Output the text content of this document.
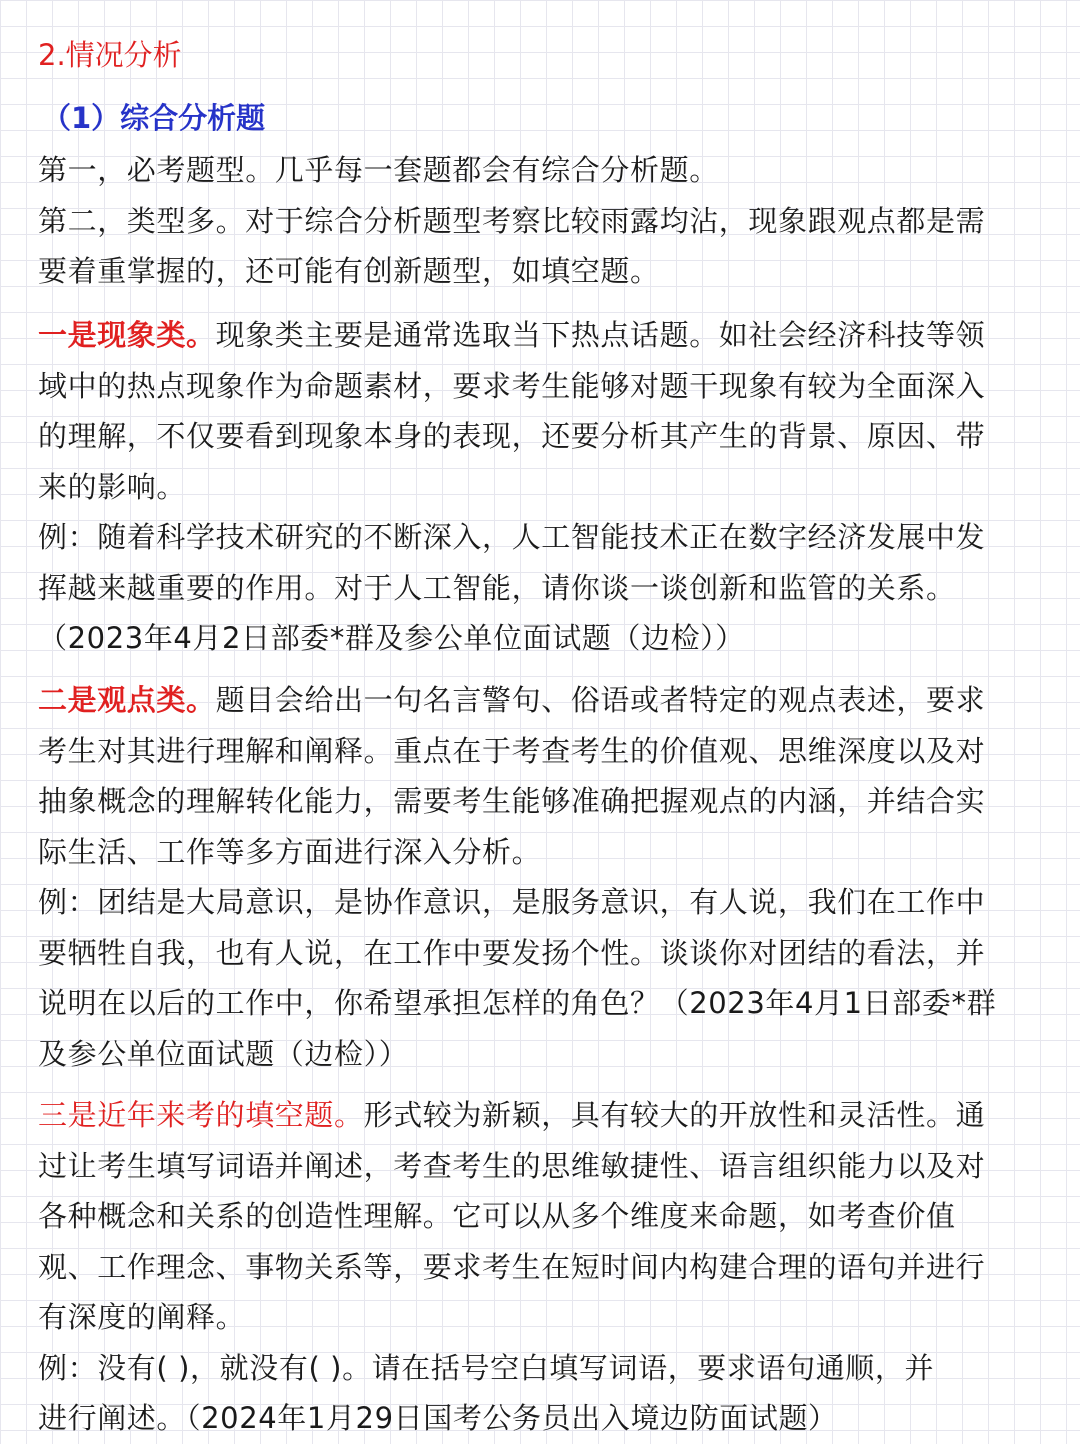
2.情况分析
（1）综合分析题
第一，必考题型。几乎每一套题都会有综合分析题。
第二，类型多。对于综合分析题型考察比较雨露均沾，现象跟观点都是需
要着重掌握的，还可能有创新题型，如填空题。
一是现象类。现象类主要是通常选取当下热点话题。如社会经济科技等领
域中的热点现象作为命题素材，要求考生能够对题干现象有较为全面深入
的理解，不仅要看到现象本身的表现，还要分析其产生的背景、原因、带
来的影响。
例：随着科学技术研究的不断深入，人工智能技术正在数字经济发展中发
挥越来越重要的作用。对于人工智能，请你谈一谈创新和监管的关系。
（2023年4月2日部委*群及参公单位面试题（边检））
二是观点类。题目会给出一句名言警句、俗语或者特定的观点表述，要求
考生对其进行理解和阐释。重点在于考查考生的价值观、思维深度以及对
抽象概念的理解转化能力，需要考生能够准确把握观点的内涵，并结合实
际生活、工作等多方面进行深入分析。
例：团结是大局意识，是协作意识，是服务意识，有人说，我们在工作中
要牺牲自我，也有人说，在工作中要发扬个性。谈谈你对团结的看法，并
说明在以后的工作中，你希望承担怎样的角色？（2023年4月1日部委*群
及参公单位面试题（边检））
三是近年来考的填空题。形式较为新颖，具有较大的开放性和灵活性。通
过让考生填写词语并阐述，考查考生的思维敏捷性、语言组织能力以及对
各种概念和关系的创造性理解。它可以从多个维度来命题，如考查价值
观、工作理念、事物关系等，要求考生在短时间内构建合理的语句并进行
有深度的阐释。
例：没有( )，就没有( )。请在括号空白填写词语，要求语句通顺，并
进行阐述。（2024年1月29日国考公务员出入境边防面试题）
